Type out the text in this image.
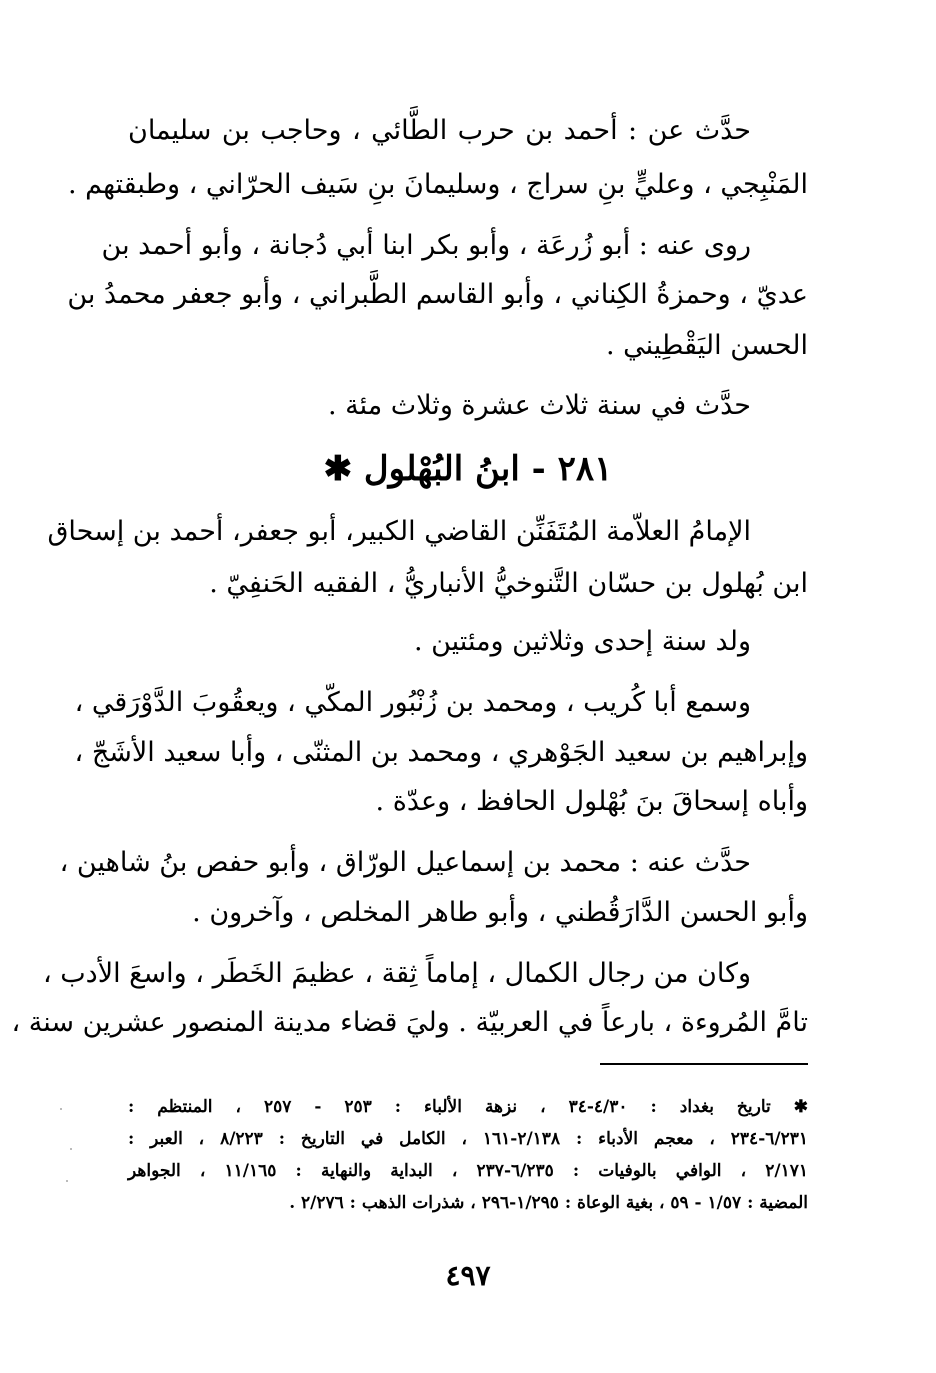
حدَّث عن : أحمد بن حرب الطَّائي ، وحاجب بن سليمان
المَنْبِجي ، وعليٍّ بنِ سراج ، وسليمانَ بنِ سَيف الحرّاني ، وطبقتهم .
روى عنه : أبو زُرعَة ، وأبو بكر ابنا أبي دُجانة ، وأبو أحمد بن
عديّ ، وحمزةُ الكِناني ، وأبو القاسم الطَّبراني ، وأبو جعفر محمدُ بن
الحسن اليَقْطِيني .
حدَّث في سنة ثلاث عشرة وثلاث مئة .
٢٨١ - ابنُ البُهْلول ✱
الإمامُ العلاّمة المُتَفَنِّن القاضي الكبير، أبو جعفر، أحمد بن إسحاق
ابن بُهلول بن حسّان التَّنوخيُّ الأنباريُّ ، الفقيه الحَنفِيّ .
ولد سنة إحدى وثلاثين ومئتين .
وسمع أبا كُريب ، ومحمد بن زُنْبُور المكّي ، ويعقُوبَ الدَّوْرَقي ،
وإبراهيم بن سعيد الجَوْهري ، ومحمد بن المثنّى ، وأبا سعيد الأشَجّ ،
وأباه إسحاقَ بنَ بُهْلول الحافظ ، وعدّة .
حدَّث عنه : محمد بن إسماعيل الورّاق ، وأبو حفص بنُ شاهين ،
وأبو الحسن الدَّارَقُطني ، وأبو طاهر المخلص ، وآخرون .
وكان من رجال الكمال ، إماماً ثِقة ، عظيمَ الخَطَر ، واسعَ الأدب ،
تامَّ المُروءة ، بارعاً في العربيّة . وليَ قضاء مدينة المنصور عشرين سنة ،
✱ تاريخ بغداد : ٤/٣٠-٣٤ ، نزهة الألباء : ٢٥٣ - ٢٥٧ ، المنتظم :
٦/٢٣١-٢٣٤ ، معجم الأدباء : ٢/١٣٨-١٦١ ، الكامل في التاريخ : ٨/٢٢٣ ، العبر :
٢/١٧١ ، الوافي بالوفيات : ٦/٢٣٥-٢٣٧ ، البداية والنهاية : ١١/١٦٥ ، الجواهر
المضية : ١/٥٧ - ٥٩ ، بغية الوعاة : ١/٢٩٥-٢٩٦ ، شذرات الذهب : ٢/٢٧٦ .
٤٩٧
